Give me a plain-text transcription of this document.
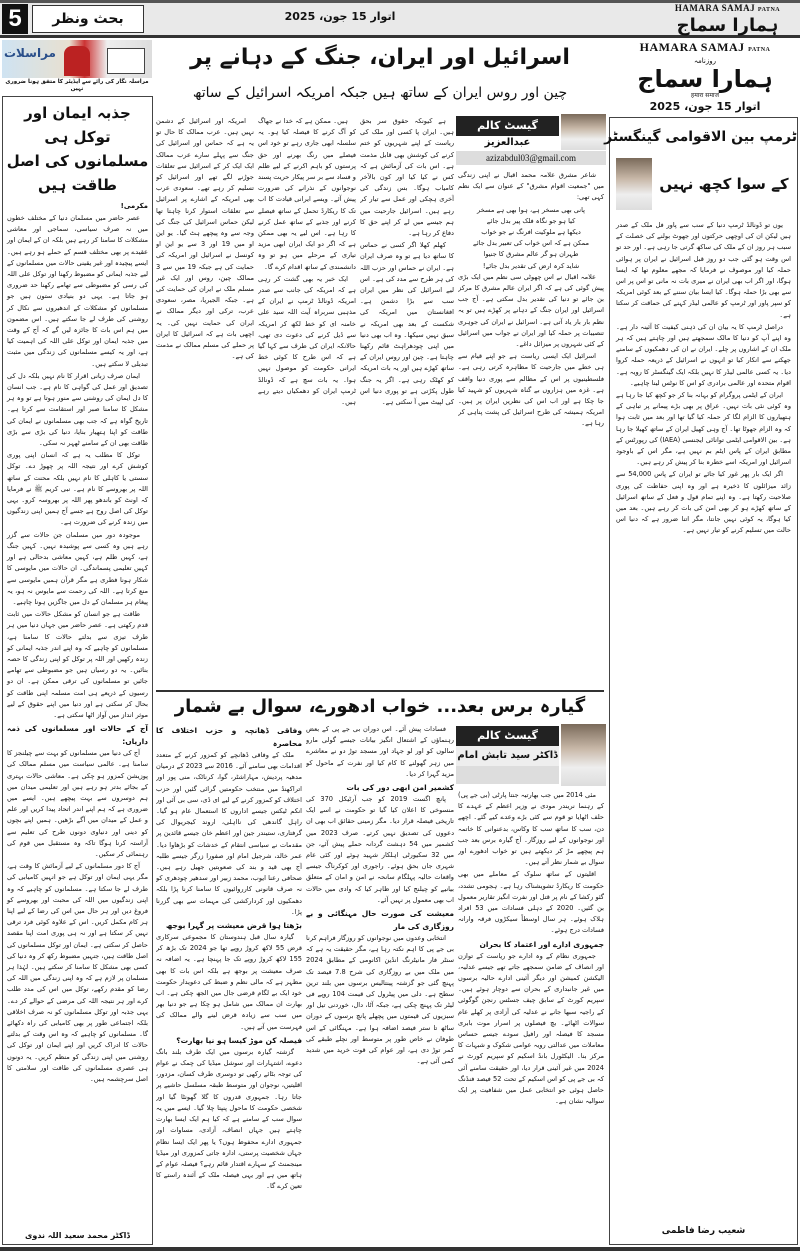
5	بحث ونظر	اتوار 15 جون، 2025
HAMARA SAMAJ PATNA
ہمارا سماج
مراسلات
مراسلہ نگار کی رائے سے ایڈیٹر کا متفق ہونا ضروری نہیں
جذبہ ایمان اور توکل ہی
مسلمانوں کی اصل طاقت ہیں
مکرمی!

عصر حاضر میں مسلمان دنیا کے مختلف خطوں میں نہ صرف سیاسی، سماجی اور معاشی مشکلات کا سامنا کر رہے ہیں بلکہ ان کے ایمان اور عقیدے پر بھی مختلف قسم کے حملے ہو رہے ہیں۔ ایسے پیچیدہ اور غیر یقینی حالات میں مسلمانوں کے لیے جذبہ ایمانی کو مضبوط رکھنا اور توکل علی اللہ کی رسی کو مضبوطی سے تھامے رکھنا حد ضروری ہو جاتا ہے۔ یہی دو بنیادی ستون ہیں جو مسلمانوں کو مشکلات کے اندھیروں سے نکال کر روشنی کی طرف لے جا سکتے ہیں۔ اس مضمون میں ہم اس بات کا جائزہ لیں گے کہ آج کے وقت میں جذبہ ایمان اور توکل علی اللہ کی اہمیت کیا ہے، اور یہ کیسے مسلمانوں کی زندگی میں مثبت تبدیلی لا سکتے ہیں۔

ایمان صرف زبانی اقرار کا نام نہیں بلکہ دل کی تصدیق اور عمل کی گواہی کا نام ہے۔ جب انسان کا دل ایمان کی روشنی سے منور ہوتا ہے تو وہ ہر مشکل کا سامنا صبر اور استقامت سے کرتا ہے۔ تاریخ گواہ ہے کہ جب بھی مسلمانوں نے ایمان کی طاقت کو اپنا ہتھیار بنایا، دنیا کی بڑی سے بڑی طاقت بھی ان کے سامنے ٹھہر نہ سکی۔

توکل کا مطلب یہ ہے کہ انسان اپنی پوری کوشش کرے اور نتیجہ اللہ پر چھوڑ دے۔ توکل سستی یا کاہلی کا نام نہیں بلکہ محنت کے ساتھ اللہ پر بھروسے کا نام ہے۔ نبی کریم ﷺ نے فرمایا کہ اونٹ کو باندھو پھر اللہ پر بھروسہ کرو۔ یہی توکل کی اصل روح ہے جسے آج ہمیں اپنی زندگیوں میں زندہ کرنے کی ضرورت ہے۔

موجودہ دور میں مسلمان جن حالات سے گزر رہے ہیں وہ کسی سے پوشیدہ نہیں۔ کہیں جنگ ہے، کہیں ظلم ہے، کہیں معاشی بدحالی ہے اور کہیں تعلیمی پسماندگی۔ ان حالات میں مایوسی کا شکار ہونا فطری ہے مگر قرآن ہمیں مایوسی سے منع کرتا ہے۔ اللہ کی رحمت سے مایوس نہ ہو، یہ پیغام ہر مسلمان کے دل میں جاگزیں ہونا چاہیے۔

طاقت ہے جو انسان کو مشکل حالات میں ثابت قدم رکھتی ہے۔ عصر حاضر میں جہاں دنیا میں ہر طرف تیزی سے بدلتے حالات کا سامنا ہے، مسلمانوں کو چاہیے کہ وہ اپنے اندر جذبہ ایمانی کو زندہ رکھیں اور اللہ پر توکل کو اپنی زندگی کا حصہ بنائیں۔ یہ دو رسیاں ہیں جو مضبوطی سے تھامے جائیں تو مسلمانوں کی ترقی ممکن ہے۔ ان دو رسیوں کے ذریعے ہی امت مسلمہ اپنی طاقت کو بحال کر سکتی ہے اور دنیا میں اپنے حقوق کے لیے موثر انداز میں آواز اٹھا سکتی ہے۔

آج کے حالات اور مسلمانوں کی ذمہ داریاں:

آج کی دنیا میں مسلمانوں کو بہت سے چیلنجز کا سامنا ہے۔ عالمی سیاست میں مسلم ممالک کی پوزیشن کمزور ہو چکی ہے۔ معاشی حالات بہتری کے بجائے بدتر ہو رہے ہیں اور تعلیمی میدان میں ہم دوسروں سے بہت پیچھے ہیں۔ ایسے میں ضروری ہے کہ ہم اپنے اندر اتحاد پیدا کریں اور علم و عمل کے میدان میں آگے بڑھیں۔ ہمیں اپنے بچوں کو دینی اور دنیاوی دونوں طرح کی تعلیم سے آراستہ کرنا ہوگا تاکہ وہ مستقبل میں قوم کی رہنمائی کر سکیں۔

آج کا دور مسلمانوں کے لیے آزمائش کا وقت ہے، مگر یہی ایمان اور توکل ہے جو انہیں کامیابی کی طرف لے جا سکتا ہے۔ مسلمانوں کو چاہیے کہ وہ اپنی زندگیوں میں اللہ کی محبت اور بھروسے کو فروغ دیں اور ہر حال میں اس کی رضا کے لیے اپنا ہر کام مکمل کریں۔ اس کے علاوہ کوئی فرد ترقی نہیں کر سکتا ہے اور نہ ہی پوری امت اپنا مقصد حاصل کر سکتی ہے۔ ایمان اور توکل مسلمانوں کی اصل طاقت ہیں، جنہیں مضبوط رکھ کر وہ دنیا کی کسی بھی مشکل کا سامنا کر سکتے ہیں۔ لہٰذا ہر مسلمان پر لازم ہے کہ وہ اپنی زندگی میں اللہ کی رضا کو مقدم رکھے، توکل میں اس کی مدد طلب کرے اور ہر نتیجہ اللہ کی مرضی کے حوالے کر دے۔ یہی جذبہ اور توکل مسلمانوں کو نہ صرف اخلاقی بلکہ اجتماعی طور پر بھی کامیابی کی راہ دکھائے گا۔ مسلمانوں کو چاہیے کہ وہ اس وقت کے بدلتے حالات کا ادراک کریں اور اپنے ایمان اور توکل کی روشنی میں اپنی زندگی کو منظم کریں۔ یہ دونوں ہی عصری مسلمانوں کی طاقت اور سلامتی کا اصل سرچشمہ ہیں۔

ڈاکٹر محمد سعید اللہ ندوی
اسرائیل اور ایران، جنگ کے دہانے پر
چین اور روس ایران کے ساتھ ہیں جبکہ امریکہ اسرائیل کے ساتھ
گیسٹ کالم
عبدالعزیز
azizabdul03@gmail.com

شاعر مشرق علامہ محمد اقبال نے اپنی زندگی میں "جمعیت اقوام مشرق" کے عنوان سے ایک نظم کہی تھی:

پانی بھی مسخر ہے، ہوا بھی ہے مسخر
کیا ہو جو نگاہ فلک پیر بدل جائے
دیکھا ہے ملوکیت افرنگ نے جو خواب
ممکن ہے کہ اس خواب کی تعبیر بدل جائے
طہران ہو گر عالم مشرق کا جنیوا
شاید کرہ ارض کی تقدیر بدل جائے!

علامہ اقبال نے اس چھوٹی سی نظم میں ایک بڑی پیش گوئی کی ہے کہ اگر ایران عالم مشرق کا مرکز بن جائے تو دنیا کی تقدیر بدل سکتی ہے۔ آج جب اسرائیل اور ایران جنگ کے دہانے پر کھڑے ہیں تو یہ نظم بار بار یاد آتی ہے۔ اسرائیل نے ایران کی جوہری تنصیبات پر حملہ کیا اور ایران نے جواب میں اسرائیل کے کئی شہروں پر میزائل داغے۔

اسرائیل ایک ایسی ریاست ہے جو اپنے قیام سے ہی خطے میں جارحیت کا مظاہرہ کرتی رہی ہے۔ فلسطینیوں پر اس کے مظالم سے پوری دنیا واقف ہے۔ غزہ میں ہزاروں بے گناہ شہریوں کو شہید کیا جا چکا ہے اور اب اس کی نظریں ایران پر ہیں۔ امریکہ ہمیشہ کی طرح اسرائیل کی پشت پناہی کر رہا ہے۔

ہے کیونکہ حقوق سر بحق ہیں۔ ایران پا کسی اور ملک کی ریاست کے اپنے شہریوں کو ختم کرنے کی کوشش بھی قابل مذمت ہے۔ اس بات کی آزمائش ہے کہ کس نے کیا کیا اور کون بالآخر کامیاب ہوگا۔ بس زندگی کی آخری ہچکی اور عمل سے تیار کر رہے ہیں۔ اسرائیل جارحیت میں ہم جیسے میں لے کر اپنے حق کا دفاع کر رہا ہے۔

کھلم کھلا اگر کسی نے حماس کا ساتھ دیا ہے تو وہ صرف ایران ہے۔ ایران نے حماس اور حزب اللہ کی ہر طرح سے مدد کی ہے۔ اس لیے اسرائیل کی نظر میں ایران سب سے بڑا دشمن ہے۔ افغانستان میں امریکہ کی شکست کے بعد بھی امریکہ نے سبق نہیں سیکھا۔ وہ اب بھی دنیا میں اپنی چودھراہٹ قائم رکھنا چاہتا ہے۔ چین اور روس ایران کے ساتھ کھڑے ہیں اور یہ بات امریکہ کو کھٹک رہی ہے۔ اگر یہ جنگ طول پکڑتی ہے تو پوری دنیا اس کی لپیٹ میں آ سکتی ہے۔

ہیں۔ ممکن ہے کہ خدا نے جھاگ کو آگ کرنے کا فیصلہ کیا ہو۔ یہ سلسلہ ابھی جاری رہے تو خود اس فیصلے میں رنگ بھرنے اور حق پرستوں کو باہم اکرنے کے لیے ظلم و فساد سے بر سر پیکار حریت پسند نوجوانوں کے نذرانے کی ضرورت پیش آئے۔ ویسے ایرانی قیادت کا اب تک کا ریکارڈ تحمل کے ساتھ فیصلے کرنے اور جذبے کے ساتھ عمل کرنے کا رہا ہے۔ اس لیے یہ بھی ممکن ہے کہ اگر دو ایک ایران ابھی مزید تیاری کے مرحلے میں ہو تو وہ دانشمندی کے ساتھ اقدام کرے گا۔

ایک خبر یہ بھی گشت کر رہی ہے کہ امریکہ کی جانب سے صدر امریکہ ڈونالڈ ٹرمپ نے ایران کے مذہبی سربراہ آیت اللہ سید علی خامنہ ای کو خط لکھ کر امریکہ سے ڈیل کرنے کی دعوت دی تھی، حالانکہ ایران کی طرف سے کہا گیا ہے کہ اس طرح کا کوئی خط ایرانی حکومت کو موصول نہیں ہوا۔ یہ بات سچ ہے کہ ڈونالڈ ٹرمپ ایران کو دھمکیاں دیتے رہے ہیں۔

امریکہ اور اسرائیل کے دشمن نہیں ہیں۔ عرب ممالک کا حال تو یہ ہے کہ حماس اور اسرائیل کی جنگ سے پہلے سارے عرب ممالک ایک ایک کر کے اسرائیل سے تعلقات جوڑنے لگے تھے اور اسرائیل کو تسلیم کر رہے تھے۔ سعودی عرب بھی امریکہ کے اشارے پر اسرائیل سے تعلقات استوار کرنا چاہتا تھا لیکن حماس اسرائیل کی جنگ کی وجہ سے وہ پیچھے ہٹ گیا۔ یو این او میں 19 اور 3 سے یو این او کونسل نے اسرائیل اور امریکہ کی حمایت کی ہے جبکہ 19 میں سے 3 ممالک چین، روس اور ایک غیر مسلم ملک نے ایران کی حمایت کی ہے۔ جبکہ الجیریا، مصر، سعودی عرب، ترکی اور دیگر ممالک نے ایران کی حمایت نہیں کی۔ یہ اچھی بات ہے کہ اسرائیل کا ایران پر حملے کی مسلم ممالک نے مذمت کی ہے۔

گیارہ برس بعد... خواب ادھورے، سوال بے شمار
گیسٹ کالم
ڈاکٹر سید تابش امام

مئی 2014 میں جب بھارتیہ جنتا پارٹی (بی جے پی) کے رہنما نریندر مودی نے وزیر اعظم کے عہدے کا حلف اٹھایا تو قوم سے کئی بڑے وعدے کیے گئے۔ اچھے دن، سب کا ساتھ سب کا وکاس، بدعنوانی کا خاتمہ اور نوجوانوں کے لیے روزگار۔ آج گیارہ برس بعد جب ہم پیچھے مڑ کر دیکھتے ہیں تو خواب ادھورے اور سوال بے شمار نظر آتے ہیں۔

اقلیتوں کے ساتھ سلوک کے معاملے میں بھی حکومت کا ریکارڈ تشویشناک رہا ہے۔ ہجومی تشدد، گئو رکشا کے نام پر قتل اور نفرت انگیز تقاریر معمول بن گئیں۔ 2020 کے دہلی فسادات میں 53 افراد ہلاک ہوئے۔ ہر سال اوسطاً سیکڑوں فرقہ وارانہ فسادات درج ہوئے۔

جمہوری ادارے اور اعتماد کا بحران

جمہوری نظام کے وہ ادارے جو ریاست کے توازن اور انصاف کے ضامن سمجھے جاتے تھے جیسے عدلیہ، الیکشن کمیشن اور دیگر آئینی ادارے حالیہ برسوں میں غیر جانبداری کے بحران سے دوچار ہوئے ہیں۔ سپریم کورٹ کے سابق چیف جسٹس رنجن گوگوئی کے راجیہ سبھا جانے نے عدلیہ کی آزادی پر کھلے عام سوالات اٹھائے۔ بچ فیصلوں پر اسرار موت بابری مسجد کا فیصلہ اور رافیل سودے جیسے حساس معاملات میں عدالتی رویہ عوامی شکوک و شبہات کا مرکز بنا۔ الیکٹورل بانڈ اسکیم کو سپریم کورٹ نے 2024 میں غیر آئینی قرار دیا، اور حقیقت سامنے آئی کہ بی جے پی کو اس اسکیم کے تحت 52 فیصد فنڈنگ حاصل ہوئی جو انتخابی عمل میں شفافیت پر ایک سوالیہ نشان ہے۔

فسادات پیش آئے۔ اس دوران بی جے پی کے بعض رہنماؤں کے اشتعال انگیز بیانات جیسے گولی مارو سالوں کو اور لو جہاد اور مسجد توڑ دو نے معاشرے میں زہر گھولنے کا کام کیا اور نفرت کے ماحول کو مزید گہرا کر دیا۔

کشمیر امن ابھی دور کی بات

پانچ اگست 2019 کو جب آرٹیکل 370 کی منسوخی کا اعلان کیا گیا تو حکومت نے اسے ایک تاریخی فیصلہ قرار دیا۔ مگر زمینی حقائق اب بھی ان دعووں کی تصدیق نہیں کرتے۔ صرف 2023 میں کشمیر میں 54 دہشت گردانہ حملے پیش آئے، جن میں 32 سکیورٹی اہلکار شہید ہوئے اور کئی عام شہری جاں بحق ہوئے۔ راجوری اور کوکرناگ جیسے واقعات حالیہ پہلگام سانحہ نے امن و امان کے متعلق بیانیے کو چیلنج کیا اور ظاہر کیا کہ وادی میں حالات اب بھی معمول پر نہیں آئے۔

معیشت کی صورت حال مہنگائی و بے روزگاری کی مار

انتخابی وعدوں میں نوجوانوں کو روزگار فراہم کرنا بی جے پی کا اہم نکتہ رہا ہے، مگر حقیقت یہ ہے کہ سنٹر فار مانیٹرنگ انڈین اکانومی کے مطابق 2024 میں ملک میں بے روزگاری کی شرح 7.8 فیصد تک پہنچ گئی جو گزشتہ پینتالیس برسوں میں بلند ترین سطح ہے۔ دلی میں پیٹرول کی قیمت 104 روپے فی لیٹر تک پہنچ چکی ہے، جبکہ آٹا، دال، خوردنی تیل اور سبزیوں کی قیمتوں میں پچھلے پانچ برسوں کے دوران ساٹھ تا ستر فیصد اضافہ ہوا ہے۔ مہنگائی کے اس طوفان نے خاص طور پر متوسط اور نچلے طبقے کی کمر توڑ دی ہے، اور عوام کی قوت خرید میں شدید کمی آئی ہے۔

وفاقی ڈھانچہ و حزب اختلاف کا محاصرہ

ملک کے وفاقی ڈھانچے کو کمزور کرنے کے متعدد اقدامات بھی سامنے آئے۔ 2016 سے 2023 کے درمیان مدھیہ پردیش، مہاراشٹر، گوا، کرناٹک، منی پور اور اتراکھنڈ میں منتخب حکومتیں گرائی گئیں اور حزب اختلاف کو کمزور کرنے کے لیے ای ڈی، سی بی آئی اور انکم ٹیکس جیسے اداروں کا استعمال عام ہو گیا۔ راہل گاندھی کی نااہلی، اروند کیجریوال کی گرفتاری، ستیندر جین اور اعظم خان جیسے قائدین پر مقدمات نے سیاسی انتقام کے خدشات کو بڑھاوا دیا۔ عمر خالد، شرجیل امام اور صفورا زرگر جیسے طلبہ آج بھی قید و بند کی صعوبتیں جھیل رہے ہیں۔ صحافی رعنا ایوب، محمد زبیر اور سدھیر چودھری کو نہ صرف قانونی کارروائیوں کا سامنا کرنا پڑا بلکہ دھمکیوں اور کردارکشی کی مہمات سے بھی گزرنا پڑا۔

بڑھتا ہوا قرض معیشت پر گہرا بوجھ

گیارہ سال قبل ہندوستان کا مجموعی سرکاری قرض 55 لاکھ کروڑ روپے تھا جو 2024 تک بڑھ کر 155 لاکھ کروڑ روپے تک جا پہنچا ہے۔ یہ اضافہ نہ صرف معیشت پر بوجھ ہے بلکہ اس بات کا بھی مظہر ہے کہ مالی نظم و ضبط کی دعویدار حکومت خود ایک بے لگام قرضی جال میں الجھ چکی ہے۔ اب بھارت ان ممالک میں شامل ہو چکا ہے جو دنیا بھر میں سب سے زیادہ قرض لینے والے ممالک کی فہرست میں آتے ہیں۔

فیصلہ کن موڑ کیسا ہو نیا بھارت؟

گزشتہ گیارہ برسوں میں ایک طرف بلند بانگ دعوے، اشتہارات اور سوشل میڈیا کی چمک نے عوام کی توجہ بٹائے رکھی تو دوسری طرف کسان، مزدور، اقلیتیں، نوجوان اور متوسط طبقہ مسلسل حاشیے پر جاتا رہا۔ جمہوری قدروں کا گلا گھونٹا گیا اور شخصی حکومت کا ماحول پنپتا چلا گیا۔ ایسے میں یہ سوال سب کے سامنے ہے کہ کیا ہم ایک ایسا بھارت چاہتے ہیں جہاں انصاف، آزادی، مساوات اور جمہوری ادارے محفوظ ہوں؟ یا پھر ایک ایسا نظام جہاں شخصیت پرستی، ادارہ جاتی کمزوری اور میڈیا مینجمنٹ کے سہارے اقتدار قائم رہے؟ فیصلہ عوام کے ہاتھ میں ہے اور یہی فیصلہ ملک کے آئندہ راستے کا تعین کرے گا۔

HAMARA SAMAJ PATNA
روزنامہ
ہمارا سماج
हमारा समाज
اتوار 15 جون، 2025
ٹرمپ بین الاقوامی گینگسٹر
کے سوا کچھ نہیں

یوں تو ڈونالڈ ٹرمپ دنیا کے سب سے پاور فل ملک کے صدر ہیں لیکن ان کی اوچھی حرکتوں اور جھوٹ بولنے کی خصلت کے سبب ہر روز ان کے ملک کی ساکھ گرتی جا رہی ہے۔ اور حد تو اس وقت ہو گئی جب دو روز قبل اسرائیل نے ایران پر ہوائی حملہ کیا اور موصوف نے فرمایا کہ مجھے معلوم تھا کہ ایسا ہوگا، اور اگر اب بھی ایران نے میری بات نہ مانی تو اس پر اس سے بھی بڑا حملہ ہوگا۔ کیا ایسا بیان سننے کے بعد کوئی امریکہ کو سپر پاور اور ٹرمپ کو عالمی لیڈر کہنے کی حماقت کر سکتا ہے۔

دراصل ٹرمپ کا یہ بیان ان کی ذہنی کیفیت کا آئینہ دار ہے۔ وہ اپنے آپ کو دنیا کا مالک سمجھتے ہیں اور چاہتے ہیں کہ ہر ملک ان کے اشاروں پر چلے۔ ایران نے ان کی دھمکیوں کے سامنے جھکنے سے انکار کیا تو انہوں نے اسرائیل کے ذریعہ حملہ کروا دیا۔ یہ کسی عالمی لیڈر کا نہیں بلکہ ایک گینگسٹر کا رویہ ہے۔ اقوام متحدہ اور عالمی برادری کو اس کا نوٹس لینا چاہیے۔

ایران کے ایٹمی پروگرام کو بہانہ بنا کر جو کچھ کیا جا رہا ہے وہ کوئی نئی بات نہیں۔ عراق پر بھی بڑے پیمانے پر تباہی کے ہتھیاروں کا الزام لگا کر حملہ کیا گیا تھا اور بعد میں ثابت ہوا کہ وہ الزام جھوٹا تھا۔ آج وہی کھیل ایران کے ساتھ کھیلا جا رہا ہے۔ بین الاقوامی ایٹمی توانائی ایجنسی (IAEA) کی رپورٹس کے مطابق ایران کے پاس ایٹم بم نہیں ہے، مگر اس کے باوجود اسرائیل اور امریکہ اسے خطرہ بنا کر پیش کر رہے ہیں۔

اگر ایک بار پھر غور کیا جائے تو ایران کے پاس 54,000 سے زائد میزائلوں کا ذخیرہ ہے اور وہ اپنی حفاظت کی پوری صلاحیت رکھتا ہے۔ وہ اپنے تمام قول و فعل کے ساتھ اسرائیل کے ساتھ کھڑے ہو کر بھی امن کی بات کر رہے ہیں۔ بعد میں کیا ہوگا، یہ کوئی نہیں جانتا، مگر اتنا ضرور ہے کہ دنیا اس حالت میں تسلیم کرنے کو تیار نہیں ہے۔

شعیب رضا فاطمی
